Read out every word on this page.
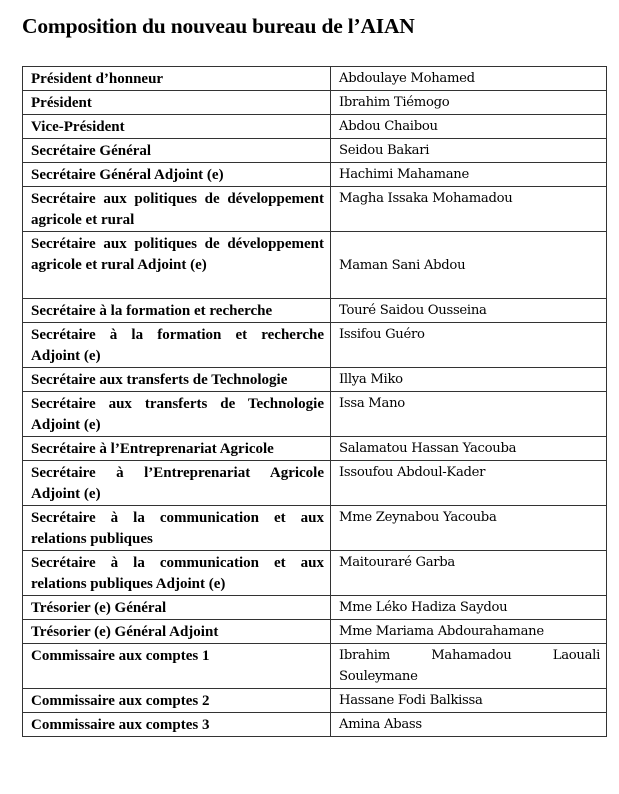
Composition du nouveau bureau de l’AIAN
Président d’honneur	Abdoulaye Mohamed
Président	Ibrahim Tiémogo
Vice-Président	Abdou Chaibou
Secrétaire Général	Seidou Bakari
Secrétaire Général Adjoint (e)	Hachimi Mahamane
Secrétaire aux politiques de développement agricole et rural	Magha Issaka Mohamadou
Secrétaire aux politiques de développement agricole et rural Adjoint (e)	Maman Sani Abdou
Secrétaire à la formation et recherche	Touré Saidou Ousseina
Secrétaire à la formation et recherche Adjoint (e)	Issifou Guéro
Secrétaire aux transferts de Technologie	Illya Miko
Secrétaire aux transferts de Technologie Adjoint (e)	Issa Mano
Secrétaire à l’Entreprenariat Agricole	Salamatou Hassan Yacouba
Secrétaire à l’Entreprenariat Agricole Adjoint (e)	Issoufou Abdoul-Kader
Secrétaire à la communication et aux relations publiques	Mme Zeynabou Yacouba
Secrétaire à la communication et aux relations publiques Adjoint (e)	Maitouraré Garba
Trésorier (e) Général	Mme Léko Hadiza Saydou
Trésorier (e) Général Adjoint	Mme Mariama Abdourahamane
Commissaire aux comptes 1	Ibrahim Mahamadou Laouali Souleymane
Commissaire aux comptes 2	Hassane Fodi Balkissa
Commissaire aux comptes 3	Amina Abass
